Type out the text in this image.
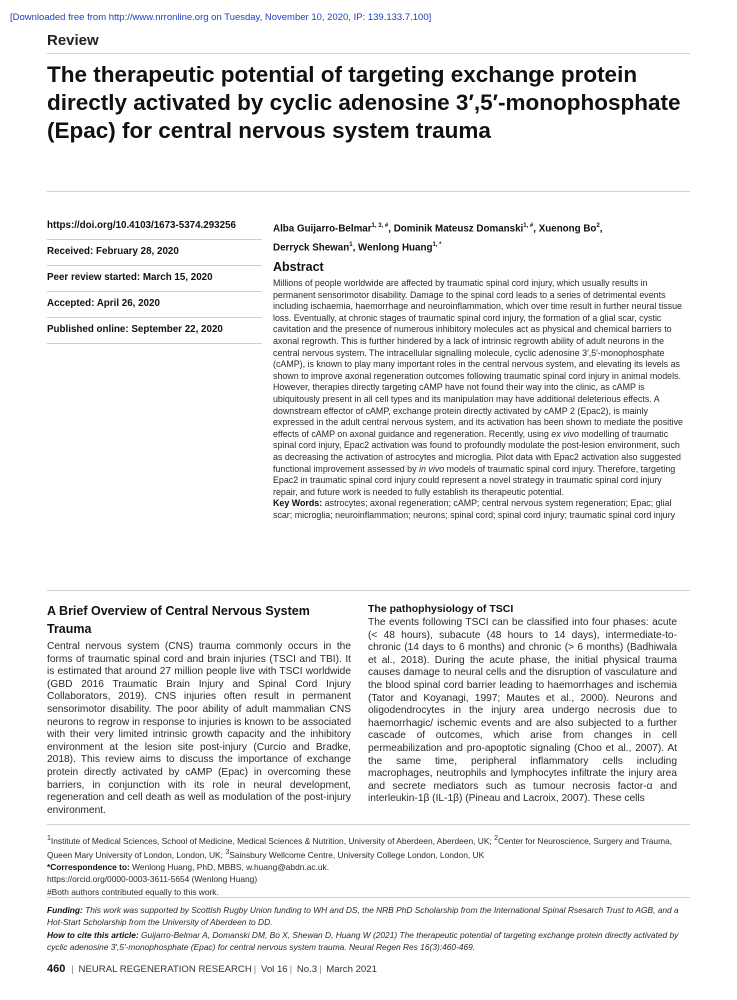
[Downloaded free from http://www.nrronline.org on Tuesday, November 10, 2020, IP: 139.133.7.100]
Review
The therapeutic potential of targeting exchange protein directly activated by cyclic adenosine 3′,5′-monophosphate (Epac) for central nervous system trauma
https://doi.org/10.4103/1673-5374.293256
Received: February 28, 2020
Peer review started: March 15, 2020
Accepted: April 26, 2020
Published online: September 22, 2020
Alba Guijarro-Belmar$^{1, 3, \#}$, Dominik Mateusz Domanski$^{1, \#}$, Xuenong Bo$^2$,
Derryck Shewan$^1$, Wenlong Huang$^{1, *}$
Abstract
Millions of people worldwide are affected by traumatic spinal cord injury, which usually results in permanent sensorimotor disability. Damage to the spinal cord leads to a series of detrimental events including ischaemia, haemorrhage and neuroinflammation, which over time result in further neural tissue loss. Eventually, at chronic stages of traumatic spinal cord injury, the formation of a glial scar, cystic cavitation and the presence of numerous inhibitory molecules act as physical and chemical barriers to axonal regrowth. This is further hindered by a lack of intrinsic regrowth ability of adult neurons in the central nervous system. The intracellular signalling molecule, cyclic adenosine 3′,5′-monophosphate (cAMP), is known to play many important roles in the central nervous system, and elevating its levels as shown to improve axonal regeneration outcomes following traumatic spinal cord injury in animal models. However, therapies directly targeting cAMP have not found their way into the clinic, as cAMP is ubiquitously present in all cell types and its manipulation may have additional deleterious effects. A downstream effector of cAMP, exchange protein directly activated by cAMP 2 (Epac2), is mainly expressed in the adult central nervous system, and its activation has been shown to mediate the positive effects of cAMP on axonal guidance and regeneration. Recently, using ex vivo modelling of traumatic spinal cord injury, Epac2 activation was found to profoundly modulate the post-lesion environment, such as decreasing the activation of astrocytes and microglia. Pilot data with Epac2 activation also suggested functional improvement assessed by in vivo models of traumatic spinal cord injury. Therefore, targeting Epac2 in traumatic spinal cord injury could represent a novel strategy in traumatic spinal cord injury repair, and future work is needed to fully establish its therapeutic potential.
Key Words: astrocytes; axonal regeneration; cAMP; central nervous system regeneration; Epac; glial scar; microglia; neuroinflammation; neurons; spinal cord; spinal cord injury; traumatic spinal cord injury
A Brief Overview of Central Nervous System Trauma
Central nervous system (CNS) trauma commonly occurs in the forms of traumatic spinal cord and brain injuries (TSCI and TBI). It is estimated that around 27 million people live with TSCI worldwide (GBD 2016 Traumatic Brain Injury and Spinal Cord Injury Collaborators, 2019). CNS injuries often result in permanent sensorimotor disability. The poor ability of adult mammalian CNS neurons to regrow in response to injuries is known to be associated with their very limited intrinsic growth capacity and the inhibitory environment at the lesion site post-injury (Curcio and Bradke, 2018). This review aims to discuss the importance of exchange protein directly activated by cAMP (Epac) in overcoming these barriers, in conjunction with its role in neural development, regeneration and cell death as well as modulation of the post-injury environment.
The pathophysiology of TSCI
The events following TSCI can be classified into four phases: acute (< 48 hours), subacute (48 hours to 14 days), intermediate-to-chronic (14 days to 6 months) and chronic (> 6 months) (Badhiwala et al., 2018). During the acute phase, the initial physical trauma causes damage to neural cells and the disruption of vasculature and the blood spinal cord barrier leading to haemorrhages and ischemia (Tator and Koyanagi, 1997; Mautes et al., 2000). Neurons and oligodendrocytes in the injury area undergo necrosis due to haemorrhagic/ ischemic events and are also subjected to a further cascade of outcomes, which arise from changes in cell permeabilization and pro-apoptotic signaling (Choo et al., 2007). At the same time, peripheral inflammatory cells including macrophages, neutrophils and lymphocytes infiltrate the injury area and secrete mediators such as tumour necrosis factor-α and interleukin-1β (IL-1β) (Pineau and Lacroix, 2007). These cells
$^1$Institute of Medical Sciences, School of Medicine, Medical Sciences & Nutrition, University of Aberdeen, Aberdeen, UK; $^2$Center for Neuroscience, Surgery and Trauma, Queen Mary University of London, London, UK; $^3$Sainsbury Wellcome Centre, University College London, London, UK
*Correspondence to: Wenlong Huang, PhD, MBBS, w.huang@abdn.ac.uk.
https://orcid.org/0000-0003-3611-5654 (Wenlong Huang)
#Both authors contributed equally to this work.
Funding: This work was supported by Scottish Rugby Union funding to WH and DS, the NRB PhD Scholarship from the International Spinal Rsesarch Trust to AGB, and a Hot-Start Scholarship from the University of Aberdeen to DD.
How to cite this article: Guijarro-Belmar A, Domanski DM, Bo X, Shewan D, Huang W (2021) The therapeutic potential of targeting exchange protein directly activated by cyclic adenosine 3′,5′-monophosphate (Epac) for central nervous system trauma. Neural Regen Res 16(3):460-469.
460 | NEURAL REGENERATION RESEARCH | Vol 16 | No.3 | March 2021
